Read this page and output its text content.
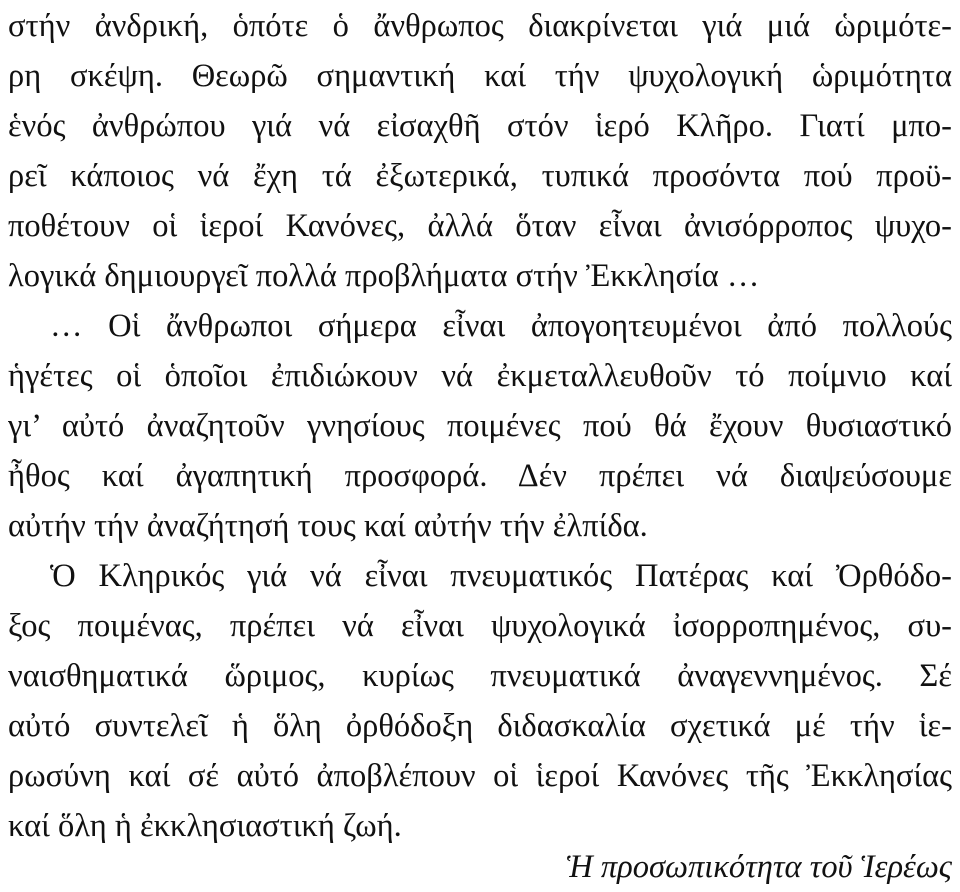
στήν ἀνδρική, ὁπότε ὁ ἄνθρωπος διακρίνεται γιά μιά ὡριμότε-
ρη σκέψη. Θεωρῶ σημαντική καί τήν ψυχολογική ὡριμότητα
ἑνός ἀνθρώπου γιά νά εἰσαχθῆ στόν ἱερό Κλῆρο. Γιατί μπο-
ρεῖ κάποιος νά ἔχη τά ἐξωτερικά, τυπικά προσόντα πού προϋ-
ποθέτουν οἱ ἱεροί Κανόνες, ἀλλά ὅταν εἶναι ἀνισόρροπος ψυχο-
λογικά δημιουργεῖ πολλά προβλήματα στήν Ἐκκλησία …
… Οἱ ἄνθρωποι σήμερα εἶναι ἀπογοητευμένοι ἀπό πολλούς
ἡγέτες οἱ ὁποῖοι ἐπιδιώκουν νά ἐκμεταλλευθοῦν τό ποίμνιο καί
γι’ αὐτό ἀναζητοῦν γνησίους ποιμένες πού θά ἔχουν θυσιαστικό
ἦθος καί ἀγαπητική προσφορά. Δέν πρέπει νά διαψεύσουμε
αὐτήν τήν ἀναζήτησή τους καί αὐτήν τήν ἐλπίδα.
Ὁ Κληρικός γιά νά εἶναι πνευματικός Πατέρας καί Ὀρθόδο-
ξος ποιμένας, πρέπει νά εἶναι ψυχολογικά ἰσορροπημένος, συ-
ναισθηματικά ὥριμος, κυρίως πνευματικά ἀναγεννημένος. Σέ
αὐτό συντελεῖ ἡ ὅλη ὀρθόδοξη διδασκαλία σχετικά μέ τήν ἱε-
ρωσύνη καί σέ αὐτό ἀποβλέπουν οἱ ἱεροί Κανόνες τῆς Ἐκκλησίας
καί ὅλη ἡ ἐκκλησιαστική ζωή.
Ἡ προσωπικότητα τοῦ Ἱερέως
